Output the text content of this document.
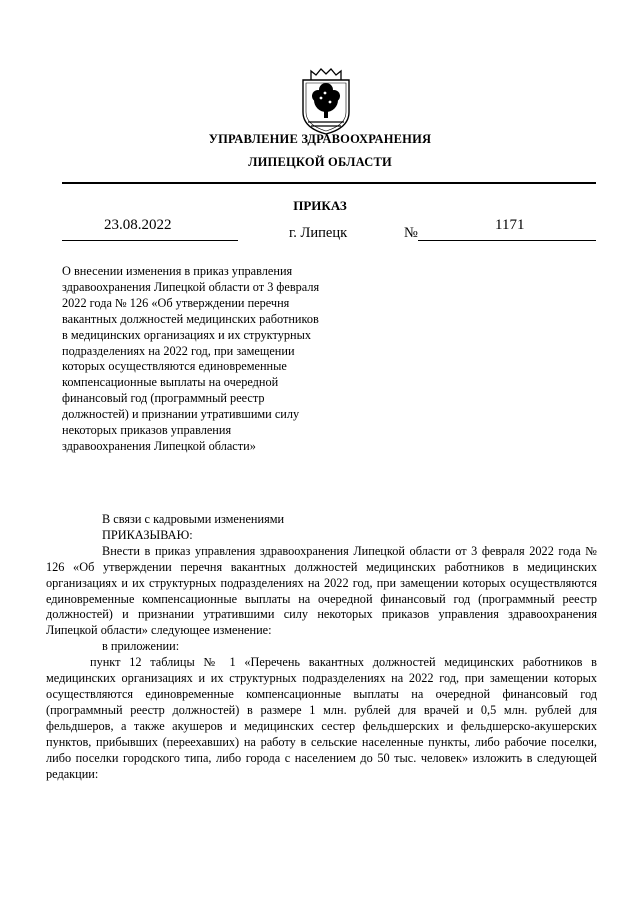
УПРАВЛЕНИЕ ЗДРАВООХРАНЕНИЯ
ЛИПЕЦКОЙ ОБЛАСТИ
ПРИКАЗ
23.08.2022	г. Липецк	№	1171

О внесении изменения в приказ управления здравоохранения Липецкой области от 3 февраля 2022 года № 126 «Об утверждении перечня вакантных должностей медицинских работников в медицинских организациях и их структурных подразделениях на 2022 год, при замещении которых осуществляются единовременные компенсационные выплаты на очередной финансовый год (программный реестр должностей) и признании утратившими силу некоторых приказов управления здравоохранения Липецкой области»

В связи с кадровыми изменениями

ПРИКАЗЫВАЮ:

Внести в приказ управления здравоохранения Липецкой области от 3 февраля 2022 года № 126 «Об утверждении перечня вакантных должностей медицинских работников в медицинских организациях и их структурных подразделениях на 2022 год, при замещении которых осуществляются единовременные компенсационные выплаты на очередной финансовый год (программный реестр должностей) и признании утратившими силу некоторых приказов управления здравоохранения Липецкой области» следующее изменение:

в приложении:

пункт 12 таблицы № 1 «Перечень вакантных должностей медицинских работников в медицинских организациях и их структурных подразделениях на 2022 год, при замещении которых осуществляются единовременные компенсационные выплаты на очередной финансовый год (программный реестр должностей) в размере 1 млн. рублей для врачей и 0,5 млн. рублей для фельдшеров, а также акушеров и медицинских сестер фельдшерских и фельдшерско-акушерских пунктов, прибывших (переехавших) на работу в сельские населенные пункты, либо рабочие поселки, либо поселки городского типа, либо города с населением до 50 тыс. человек» изложить в следующей редакции:
